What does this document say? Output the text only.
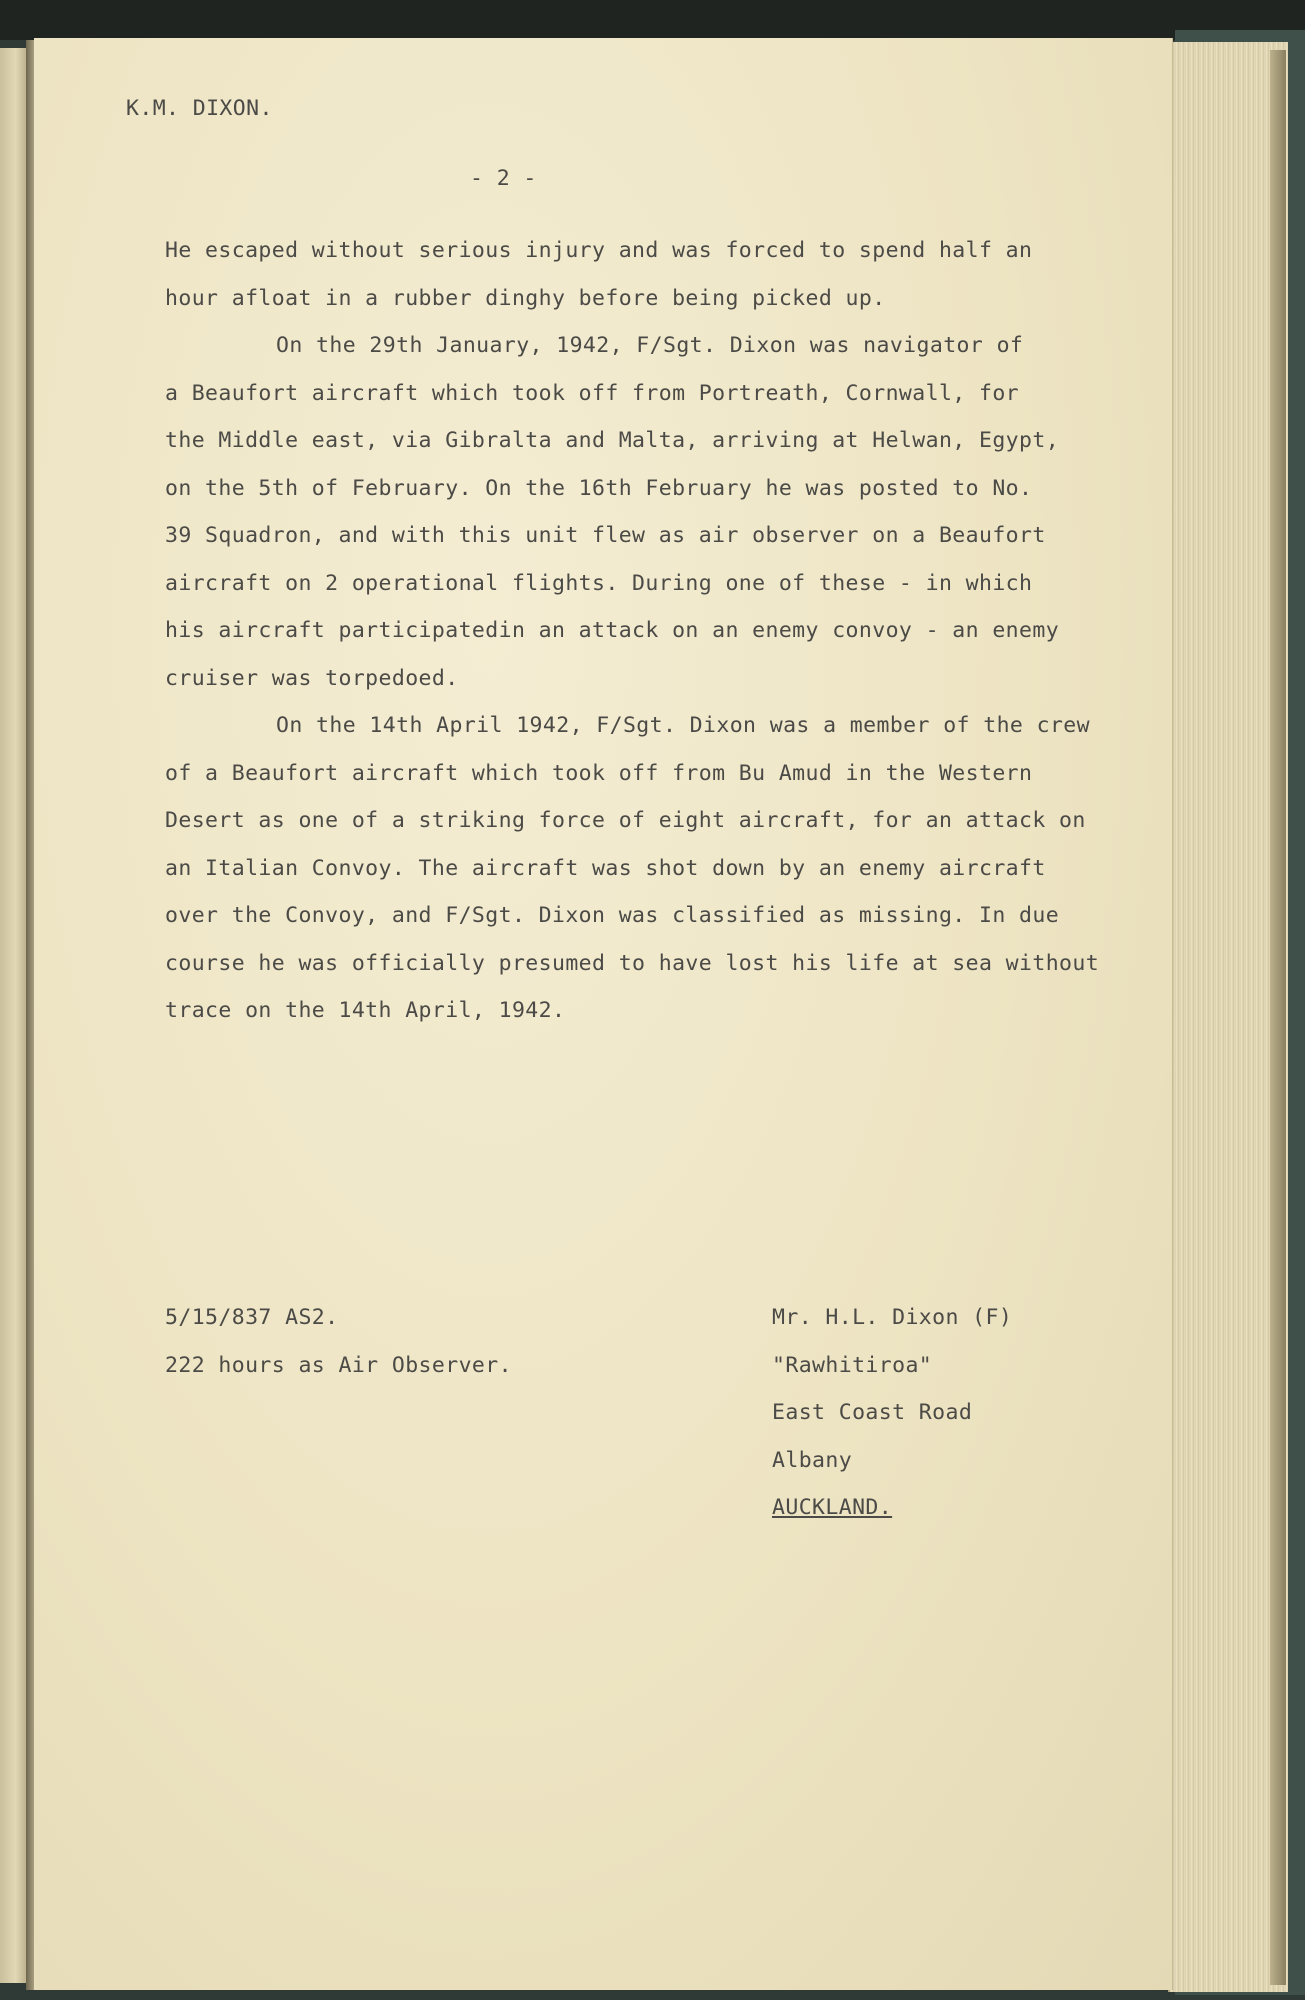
K.M. DIXON.
- 2 -
He escaped without serious injury and was forced to spend half an
hour afloat in a rubber dinghy before being picked up.
On the 29th January, 1942, F/Sgt. Dixon was navigator of
a Beaufort aircraft which took off from Portreath, Cornwall, for
the Middle east, via Gibralta and Malta, arriving at Helwan, Egypt,
on the 5th of February. On the 16th February he was posted to No.
39 Squadron, and with this unit flew as air observer on a Beaufort
aircraft on 2 operational flights. During one of these - in which
his aircraft participatedin an attack on an enemy convoy - an enemy
cruiser was torpedoed.
On the 14th April 1942, F/Sgt. Dixon was a member of the crew
of a Beaufort aircraft which took off from Bu Amud in the Western
Desert as one of a striking force of eight aircraft, for an attack on
an Italian Convoy. The aircraft was shot down by an enemy aircraft
over the Convoy, and F/Sgt. Dixon was classified as missing. In due
course he was officially presumed to have lost his life at sea without
trace on the 14th April, 1942.
5/15/837 AS2.
222 hours as Air Observer.
Mr. H.L. Dixon (F)
"Rawhitiroa"
East Coast Road
Albany
AUCKLAND.
